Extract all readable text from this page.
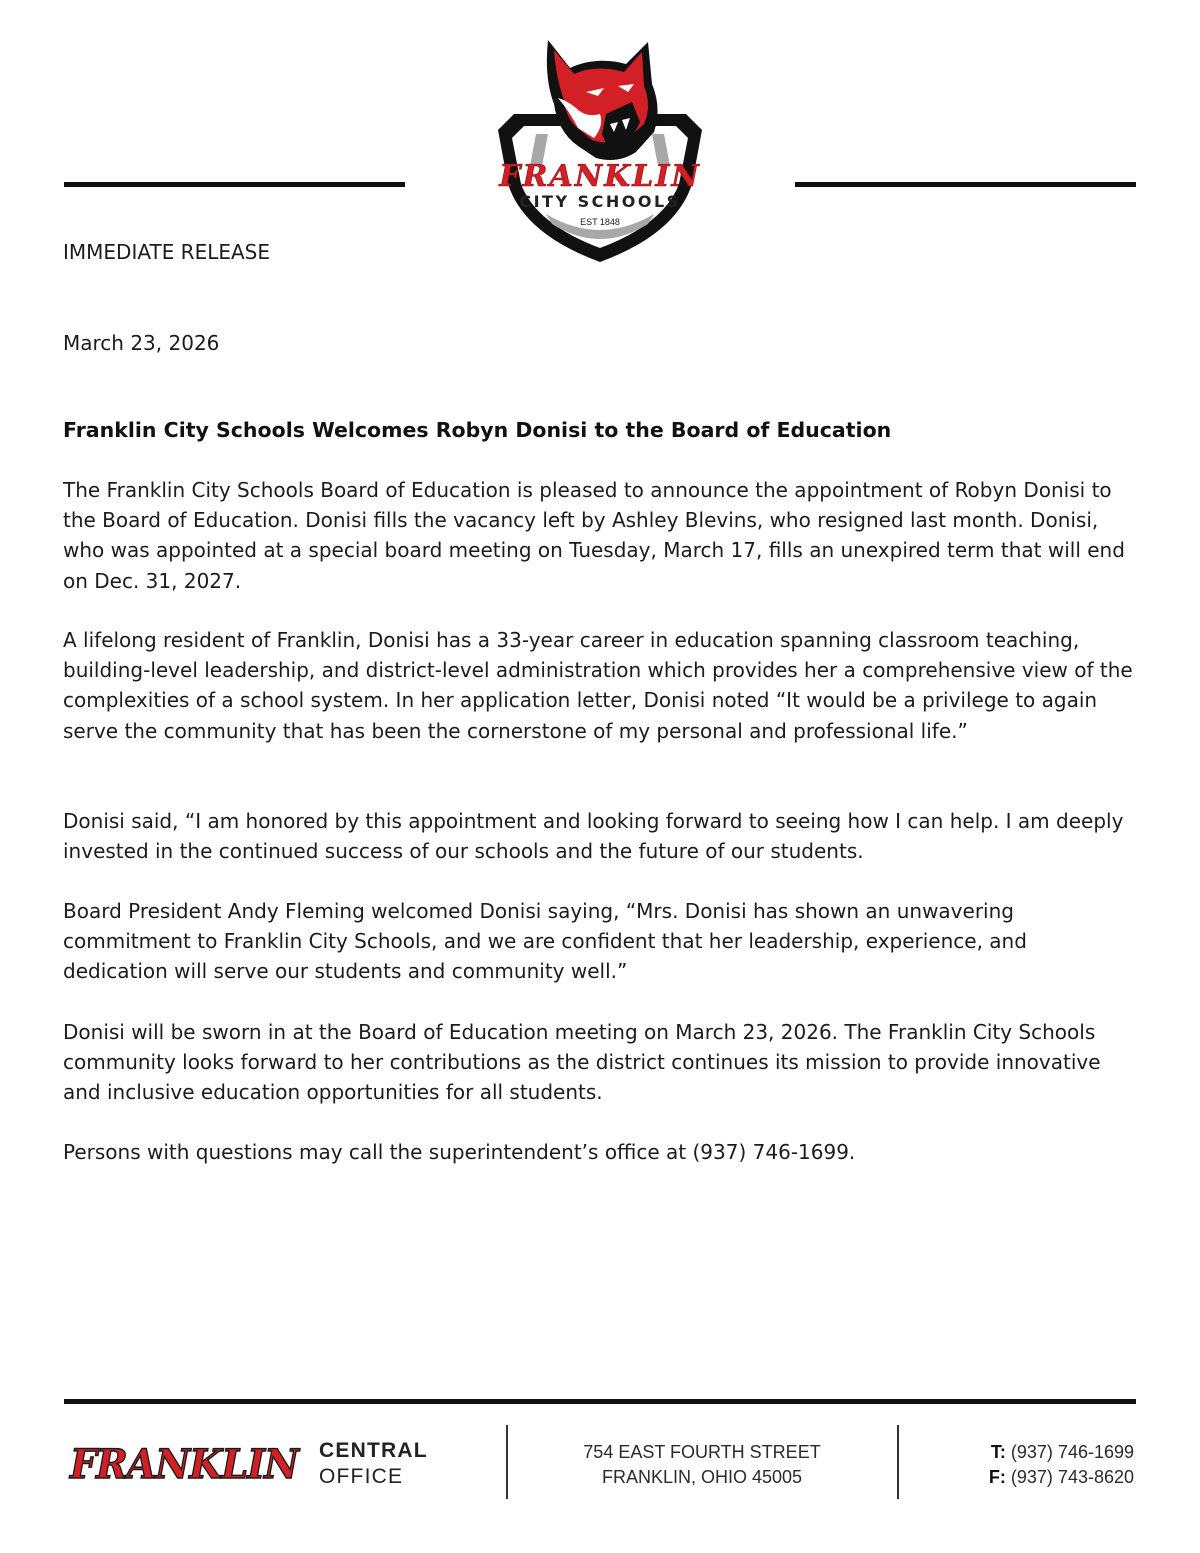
FRANKLIN
CITY SCHOOLS
EST 1848
IMMEDIATE RELEASE
March 23, 2026
Franklin City Schools Welcomes Robyn Donisi to the Board of Education

The Franklin City Schools Board of Education is pleased to announce the appointment of Robyn Donisi to the Board of Education. Donisi fills the vacancy left by Ashley Blevins, who resigned last month. Donisi, who was appointed at a special board meeting on Tuesday, March 17, fills an unexpired term that will end on Dec. 31, 2027.

A lifelong resident of Franklin, Donisi has a 33-year career in education spanning classroom teaching, building-level leadership, and district-level administration which provides her a comprehensive view of the complexities of a school system. In her application letter, Donisi noted “It would be a privilege to again serve the community that has been the cornerstone of my personal and professional life.”

Donisi said, “I am honored by this appointment and looking forward to seeing how I can help. I am deeply invested in the continued success of our schools and the future of our students.

Board President Andy Fleming welcomed Donisi saying, “Mrs. Donisi has shown an unwavering commitment to Franklin City Schools, and we are confident that her leadership, experience, and dedication will serve our students and community well.”

Donisi will be sworn in at the Board of Education meeting on March 23, 2026. The Franklin City Schools community looks forward to her contributions as the district continues its mission to provide innovative and inclusive education opportunities for all students.

Persons with questions may call the superintendent’s office at (937) 746-1699.

FRANKLIN CENTRAL
OFFICE
754 EAST FOURTH STREET
FRANKLIN, OHIO 45005
T: (937) 746-1699
F: (937) 743-8620
